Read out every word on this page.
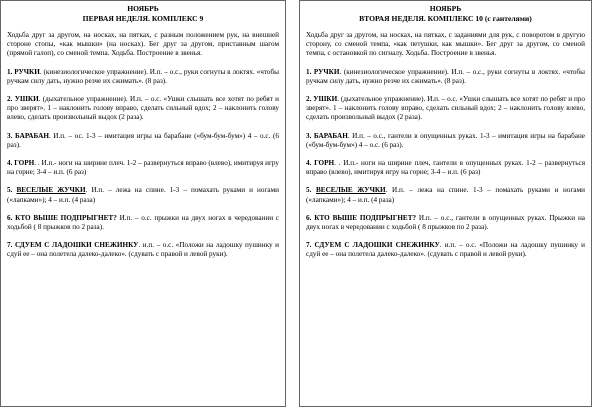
НОЯБРЬ
ПЕРВАЯ НЕДЕЛЯ. КОМПЛЕКС 9
Ходьба друг за другом, на носках, на пятках, с разным положением рук, на внешней стороне стопы, «как мышки» (на носках). Бег друг за другом, приставным шагом (прямой галоп), со сменой темпа. Ходьба. Построение в звенья.
1. РУЧКИ. (кинезиологическое упражнение). И.п. – о.с., руки согнуты в локтях. «чтобы ручкам силу дать, нужно резче их сжимать». (8 раз).
2. УШКИ. (дыхательное упражнение). И.п. – о.с. «Ушки слышать все хотят по ребят и про зверят». 1 – наклонить голову вправо, сделать сильный вдох; 2 – наклонить голову влево, сделать произвольный выдох (2 раза).
3. БАРАБАН. И.п. – ос. 1-3 – имитация игры на барабане («бум-бум-бум») 4 – о.с. (6 раз).
4. ГОРН. . И.п.- ноги на ширине плеч. 1-2 – развернуться вправо (влево), имитируя игру на горне; 3-4 – и.п. (6 раз)
5. ВЕСЕЛЫЕ ЖУЧКИ. И.п. – лежа на спине. 1-3 – помахать руками и ногами («лапками»); 4 – и.п. (4 раза)
6. КТО ВЫШЕ ПОДПРЫГНЕТ? И.п. – о.с. прыжки на двух ногах в чередовании с ходьбой ( 8 прыжков по 2 раза).
7. СДУЕМ С ЛАДОШКИ СНЕЖИНКУ. и.п. – о.с. «Положи на ладошку пушинку и сдуй ее – она полетела далеко-далеко». (сдувать с правой и левой руки).
НОЯБРЬ
ВТОРАЯ НЕДЕЛЯ. КОМПЛЕКС 10 (с гантелями)
Ходьба друг за другом, на носках, на пятках, с заданиями для рук, с поворотом в другую сторону, со сменой темпа, «как петушки, как мышки». Бег друг за другом, со сменой темпа, с остановкой по сигналу. Ходьба. Построение в звенья.
1. РУЧКИ. (кинезиологическое упражнение). И.п. – о.с., руки согнуты в локтях. «чтобы ручкам силу дать, нужно резче их сжимать». (8 раз).
2. УШКИ. (дыхательное упражнение). И.п. – о.с. «Ушки слышать все хотят по ребят и про зверят». 1 – наклонить голову вправо, сделать сильный вдох; 2 – наклонить голову влево, сделать произвольный выдох (2 раза).
3. БАРАБАН. И.п. – о.с., гантели в опущенных руках. 1-3 – имитация игры на барабане («бум-бум-бум») 4 – о.с. (6 раз).
4. ГОРН. . И.п.- ноги на ширине плеч, гантели в опущенных руках. 1-2 – развернуться вправо (влево), имитируя игру на горне; 3-4 – и.п. (6 раз)
5. ВЕСЕЛЫЕ ЖУЧКИ. И.п. – лежа на спине. 1-3 – помахать руками и ногами («лапками»); 4 – и.п. (4 раза)
6. КТО ВЫШЕ ПОДПРЫГНЕТ? И.п. – о.с., гантели в опущенных руках. Прыжки на двух ногах в чередовании с ходьбой ( 8 прыжков по 2 раза).
7. СДУЕМ С ЛАДОШКИ СНЕЖИНКУ. и.п. – о.с. «Положи на ладошку пушинку и сдуй ее – она полетела далеко-далеко». (сдувать с правой и левой руки).
